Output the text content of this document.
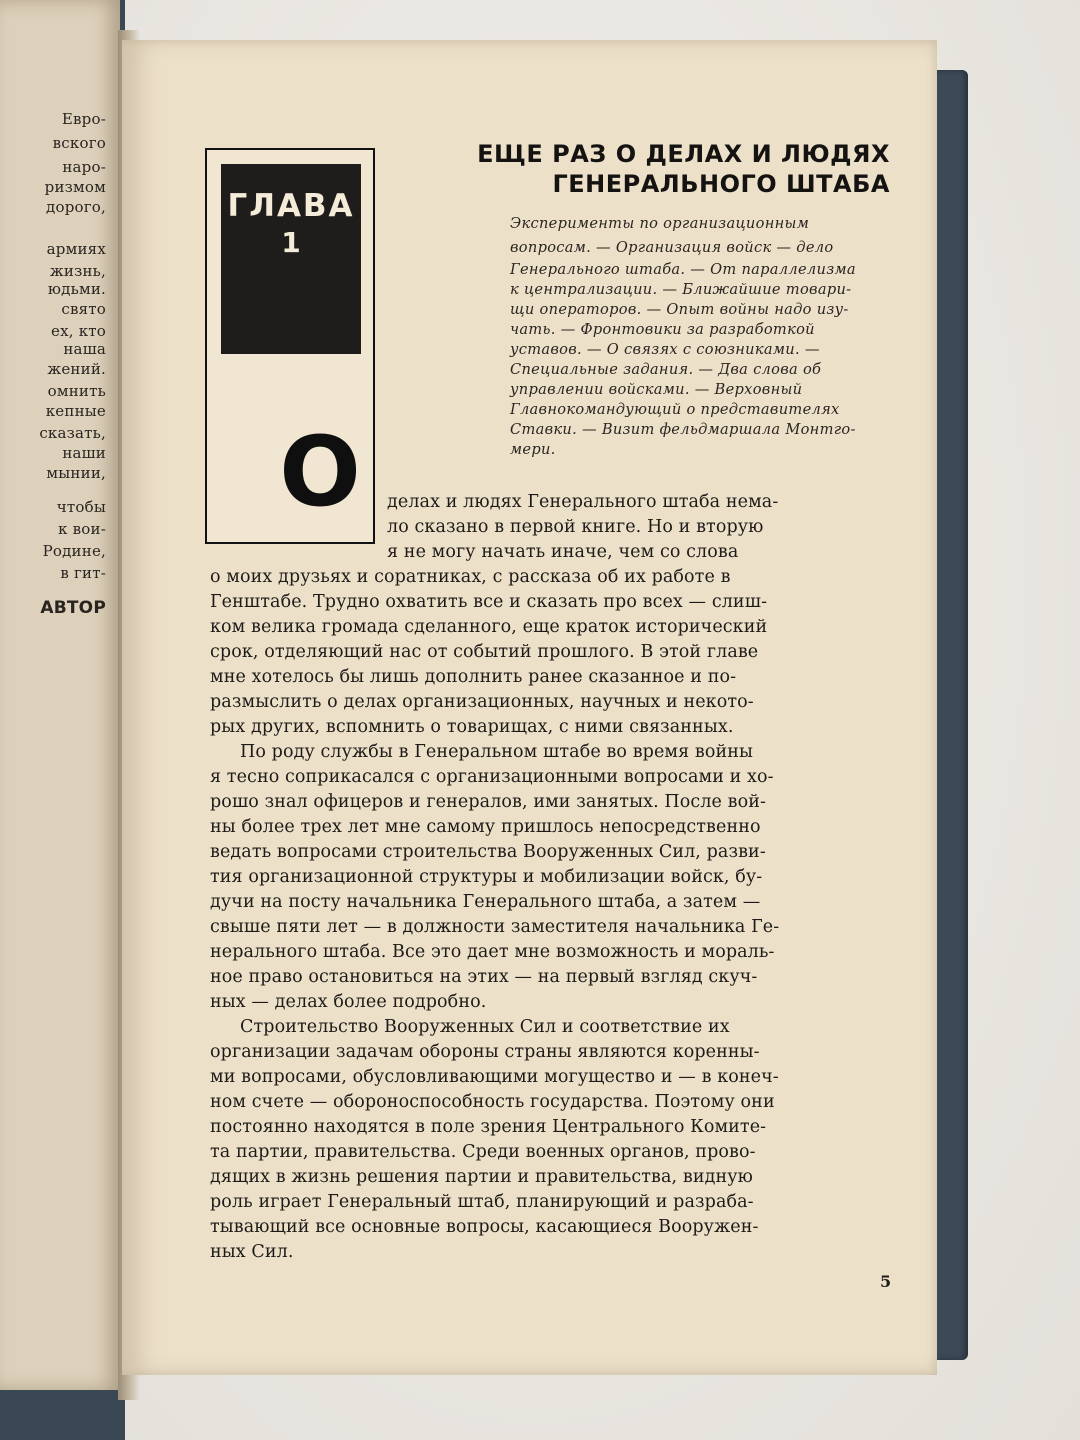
Евро-
вского
наро-
ризмом
дорого,
армиях
жизнь,
юдьми.
свято
ех, кто
наша
жений.
омнить
кепные
сказать,
наши
мынии,
чтобы
к вои-
Родине,
в гит-
АВТОР
ГЛАВА
1
О
ЕЩЕ РАЗ О ДЕЛАХ И ЛЮДЯХ
ГЕНЕРАЛЬНОГО ШТАБА
Эксперименты по организационным
вопросам. — Организация войск — дело
Генерального штаба. — От параллелизма
к централизации. — Ближайшие товари-
щи операторов. — Опыт войны надо изу-
чать. — Фронтовики за разработкой
уставов. — О связях с союзниками. —
Специальные задания. — Два слова об
управлении войсками. — Верховный
Главнокомандующий о представителях
Ставки. — Визит фельдмаршала Монтго-
мери.
делах и людях Генерального штаба нема-
ло сказано в первой книге. Но и вторую
я не могу начать иначе, чем со слова
о моих друзьях и соратниках, с рассказа об их работе в
Генштабе. Трудно охватить все и сказать про всех — слиш-
ком велика громада сделанного, еще краток исторический
срок, отделяющий нас от событий прошлого. В этой главе
мне хотелось бы лишь дополнить ранее сказанное и по-
размыслить о делах организационных, научных и некото-
рых других, вспомнить о товарищах, с ними связанных.
По роду службы в Генеральном штабе во время войны
я тесно соприкасался с организационными вопросами и хо-
рошо знал офицеров и генералов, ими занятых. После вой-
ны более трех лет мне самому пришлось непосредственно
ведать вопросами строительства Вооруженных Сил, разви-
тия организационной структуры и мобилизации войск, бу-
дучи на посту начальника Генерального штаба, а затем —
свыше пяти лет — в должности заместителя начальника Ге-
нерального штаба. Все это дает мне возможность и мораль-
ное право остановиться на этих — на первый взгляд скуч-
ных — делах более подробно.
Строительство Вооруженных Сил и соответствие их
организации задачам обороны страны являются коренны-
ми вопросами, обусловливающими могущество и — в конеч-
ном счете — обороноспособность государства. Поэтому они
постоянно находятся в поле зрения Центрального Комите-
та партии, правительства. Среди военных органов, прово-
дящих в жизнь решения партии и правительства, видную
роль играет Генеральный штаб, планирующий и разраба-
тывающий все основные вопросы, касающиеся Вооружен-
ных Сил.
5
